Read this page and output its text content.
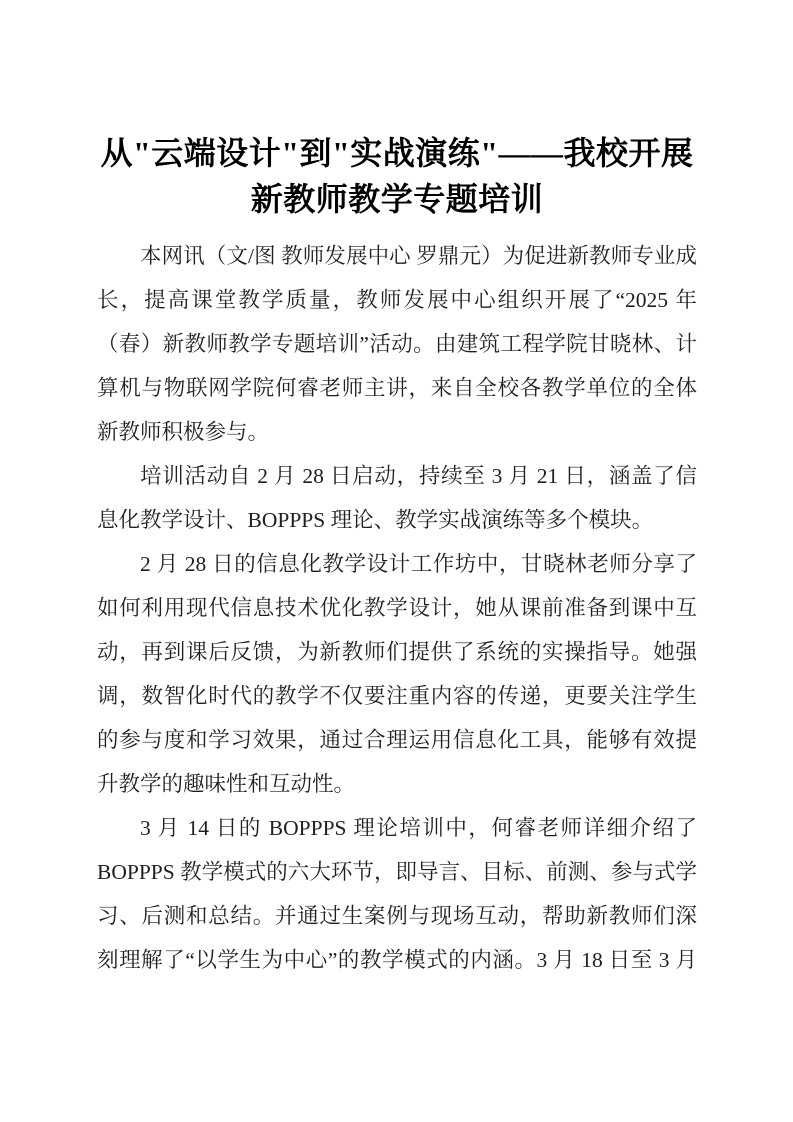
从"云端设计"到"实战演练"——我校开展
新教师教学专题培训

本网讯（文/图 教师发展中心 罗鼎元）为促进新教师专业成长，提高课堂教学质量，教师发展中心组织开展了“2025 年（春）新教师教学专题培训”活动。由建筑工程学院甘晓林、计算机与物联网学院何睿老师主讲，来自全校各教学单位的全体新教师积极参与。

培训活动自 2 月 28 日启动，持续至 3 月 21 日，涵盖了信息化教学设计、BOPPPS 理论、教学实战演练等多个模块。

2 月 28 日的信息化教学设计工作坊中，甘晓林老师分享了如何利用现代信息技术优化教学设计，她从课前准备到课中互动，再到课后反馈，为新教师们提供了系统的实操指导。她强调，数智化时代的教学不仅要注重内容的传递，更要关注学生的参与度和学习效果，通过合理运用信息化工具，能够有效提升教学的趣味性和互动性。

3 月 14 日的 BOPPPS 理论培训中，何睿老师详细介绍了 BOPPPS 教学模式的六大环节，即导言、目标、前测、参与式学习、后测和总结。并通过生案例与现场互动，帮助新教师们深刻理解了“以学生为中心”的教学模式的内涵。3 月 18 日至 3 月
